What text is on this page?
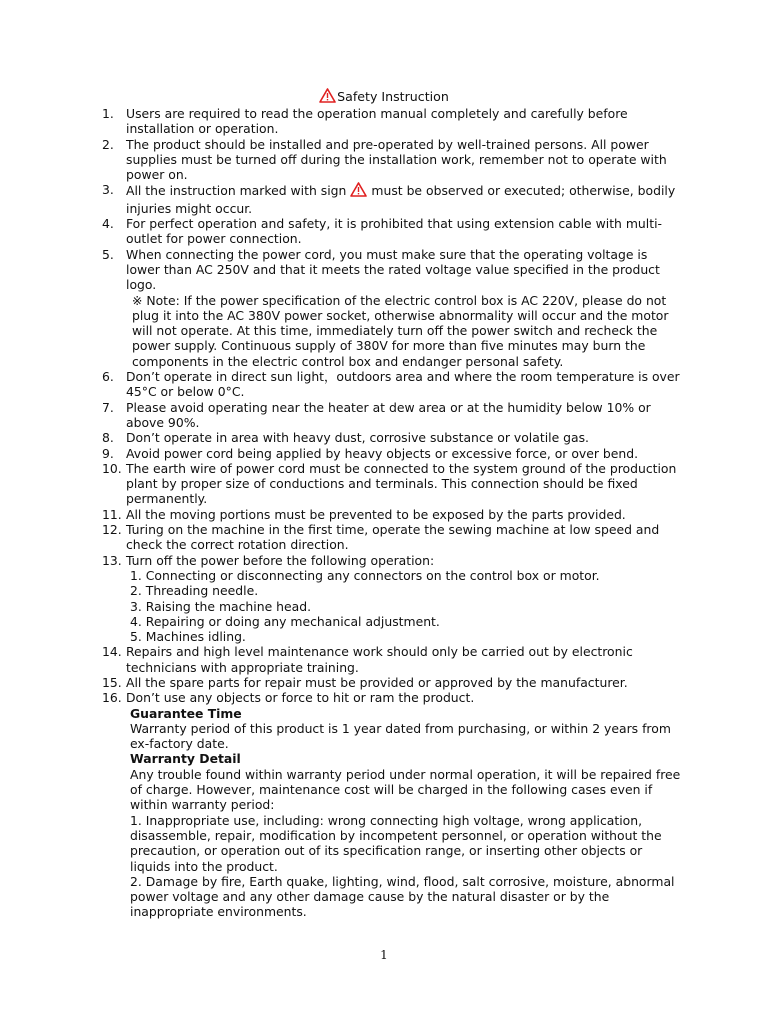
Safety Instruction
1. Users are required to read the operation manual completely and carefully before installation or operation.
2. The product should be installed and pre-operated by well-trained persons. All power supplies must be turned off during the installation work, remember not to operate with power on.
3. All the instruction marked with sign must be observed or executed; otherwise, bodily injuries might occur.
4. For perfect operation and safety, it is prohibited that using extension cable with multi-outlet for power connection.
5. When connecting the power cord, you must make sure that the operating voltage is lower than AC 250V and that it meets the rated voltage value specified in the product logo.
※ Note: If the power specification of the electric control box is AC 220V, please do not plug it into the AC 380V power socket, otherwise abnormality will occur and the motor will not operate. At this time, immediately turn off the power switch and recheck the power supply. Continuous supply of 380V for more than five minutes may burn the components in the electric control box and endanger personal safety.
6. Don’t operate in direct sun light，outdoors area and where the room temperature is over 45°C or below 0°C.
7. Please avoid operating near the heater at dew area or at the humidity below 10% or above 90%.
8. Don’t operate in area with heavy dust, corrosive substance or volatile gas.
9. Avoid power cord being applied by heavy objects or excessive force, or over bend.
10. The earth wire of power cord must be connected to the system ground of the production plant by proper size of conductions and terminals. This connection should be fixed permanently.
11. All the moving portions must be prevented to be exposed by the parts provided.
12. Turing on the machine in the first time, operate the sewing machine at low speed and check the correct rotation direction.
13. Turn off the power before the following operation:
1. Connecting or disconnecting any connectors on the control box or motor.
2. Threading needle.
3. Raising the machine head.
4. Repairing or doing any mechanical adjustment.
5. Machines idling.
14. Repairs and high level maintenance work should only be carried out by electronic technicians with appropriate training.
15. All the spare parts for repair must be provided or approved by the manufacturer.
16. Don’t use any objects or force to hit or ram the product.
Guarantee Time
Warranty period of this product is 1 year dated from purchasing, or within 2 years from ex-factory date.
Warranty Detail
Any trouble found within warranty period under normal operation, it will be repaired free of charge. However, maintenance cost will be charged in the following cases even if within warranty period:
1. Inappropriate use, including: wrong connecting high voltage, wrong application, disassemble, repair, modification by incompetent personnel, or operation without the precaution, or operation out of its specification range, or inserting other objects or liquids into the product.
2. Damage by fire, Earth quake, lighting, wind, flood, salt corrosive, moisture, abnormal power voltage and any other damage cause by the natural disaster or by the inappropriate environments.
1
